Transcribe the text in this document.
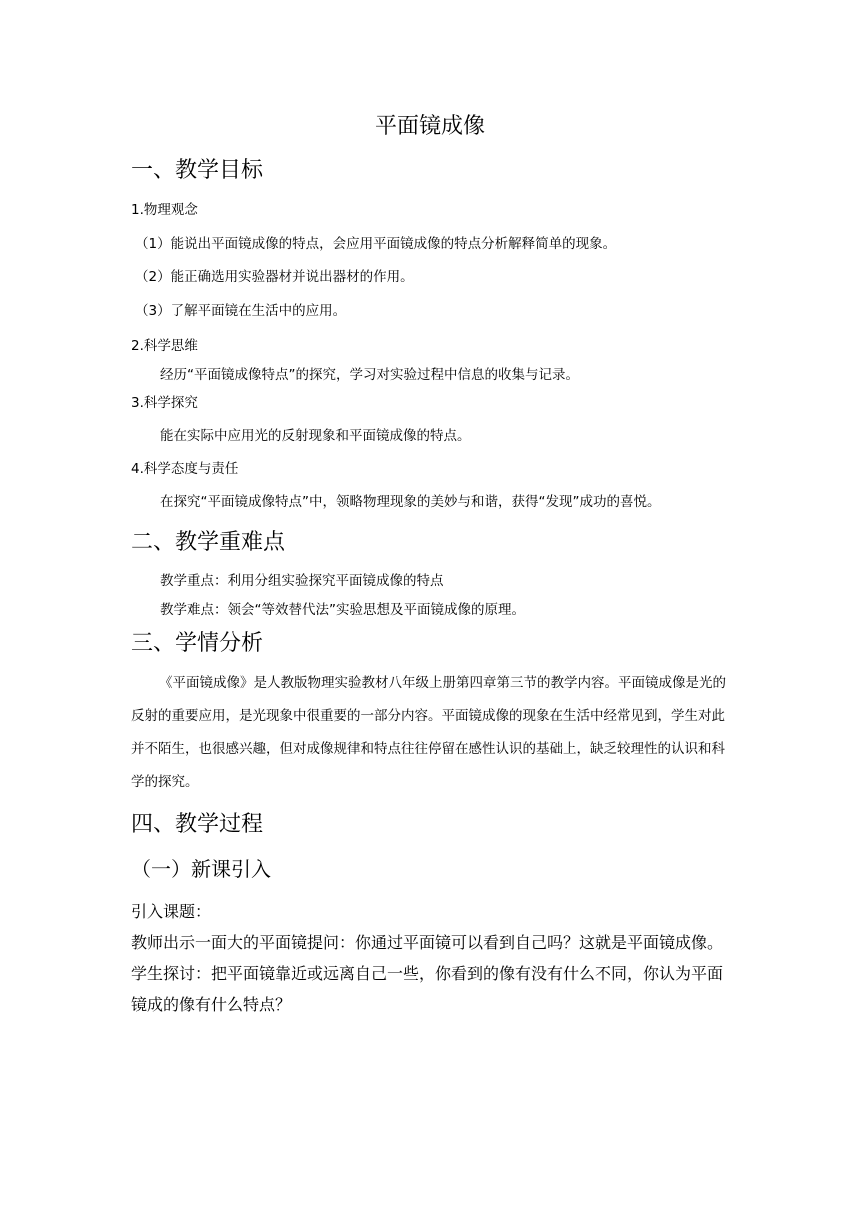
平面镜成像
一、教学目标
1.物理观念
（1）能说出平面镜成像的特点，会应用平面镜成像的特点分析解释简单的现象。
（2）能正确选用实验器材并说出器材的作用。
（3）了解平面镜在生活中的应用。
2.科学思维
经历“平面镜成像特点”的探究，学习对实验过程中信息的收集与记录。
3.科学探究
能在实际中应用光的反射现象和平面镜成像的特点。
4.科学态度与责任
在探究“平面镜成像特点”中，领略物理现象的美妙与和谐，获得“发现”成功的喜悦。
二、教学重难点
教学重点：利用分组实验探究平面镜成像的特点
教学难点：领会“等效替代法”实验思想及平面镜成像的原理。
三、学情分析

《平面镜成像》是人教版物理实验教材八年级上册第四章第三节的教学内容。平面镜成像是光的反射的重要应用，是光现象中很重要的一部分内容。平面镜成像的现象在生活中经常见到，学生对此并不陌生，也很感兴趣，但对成像规律和特点往往停留在感性认识的基础上，缺乏较理性的认识和科学的探究。

四、教学过程
（一）新课引入

引入课题：

教师出示一面大的平面镜提问：你通过平面镜可以看到自己吗？这就是平面镜成像。

学生探讨：把平面镜靠近或远离自己一些，你看到的像有没有什么不同，你认为平面镜成的像有什么特点？
